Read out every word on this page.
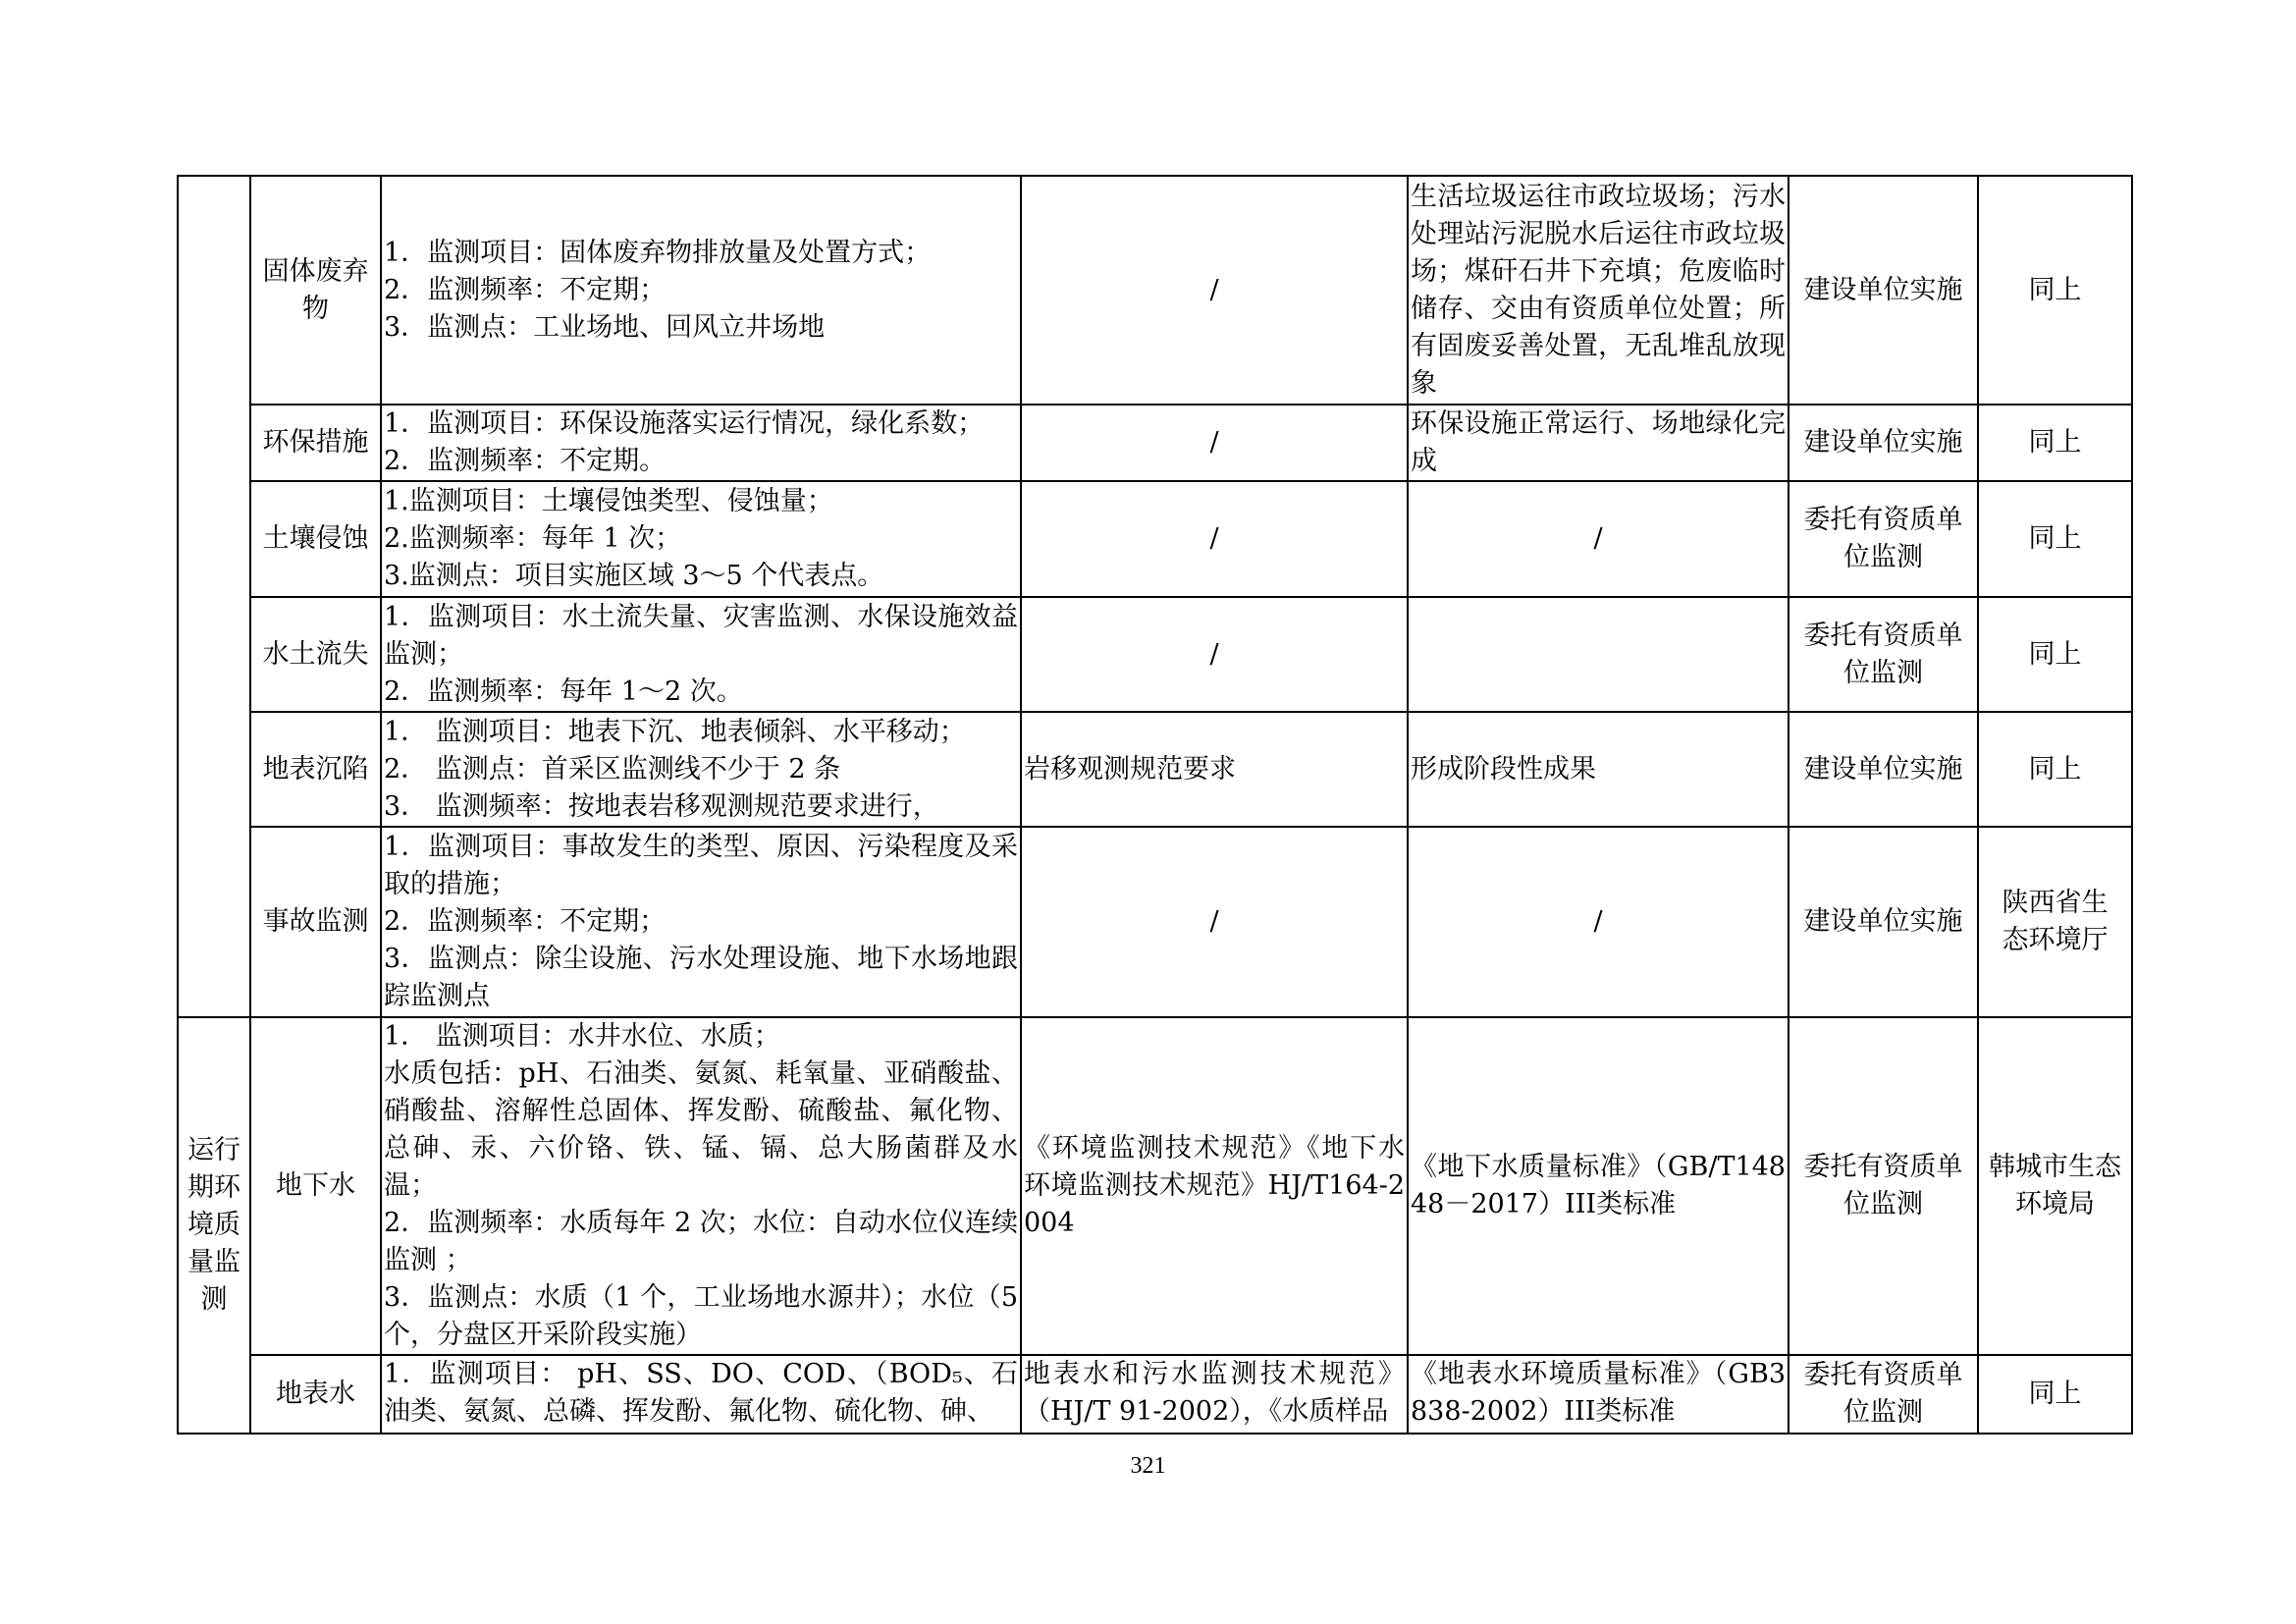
	固体废弃物	1．监测项目：固体废弃物排放量及处置方式；
2．监测频率：不定期；
3．监测点：工业场地、回风立井场地	/	生活垃圾运往市政垃圾场；污水处理站污泥脱水后运往市政垃圾场；煤矸石井下充填；危废临时储存、交由有资质单位处置；所有固废妥善处置，无乱堆乱放现象	建设单位实施	同上
	环保措施	1．监测项目：环保设施落实运行情况，绿化系数；
2．监测频率：不定期。	/	环保设施正常运行、场地绿化完成	建设单位实施	同上
	土壤侵蚀	1.监测项目：土壤侵蚀类型、侵蚀量；
2.监测频率：每年 1 次；
3.监测点：项目实施区域 3～5 个代表点。	/	/	委托有资质单位监测	同上
	水土流失	1．监测项目：水土流失量、灾害监测、水保设施效益监测；
2．监测频率：每年 1～2 次。	/		委托有资质单位监测	同上
	地表沉陷	1． 监测项目：地表下沉、地表倾斜、水平移动；
2． 监测点：首采区监测线不少于 2 条
3． 监测频率：按地表岩移观测规范要求进行，	岩移观测规范要求	形成阶段性成果	建设单位实施	同上
	事故监测	1．监测项目：事故发生的类型、原因、污染程度及采取的措施；
2．监测频率：不定期；
3．监测点：除尘设施、污水处理设施、地下水场地跟踪监测点	/	/	建设单位实施	陕西省生态环境厅
运行期环境质量监测	地下水	1． 监测项目：水井水位、水质；
水质包括：pH、石油类、氨氮、耗氧量、亚硝酸盐、硝酸盐、溶解性总固体、挥发酚、硫酸盐、氟化物、总砷、汞、六价铬、铁、锰、镉、总大肠菌群及水温；
2．监测频率：水质每年 2 次；水位：自动水位仪连续监测 ；
3．监测点：水质（1 个，工业场地水源井）；水位（5 个，分盘区开采阶段实施）	《环境监测技术规范》《地下水环境监测技术规范》HJ/T164-2004	《地下水质量标准》（GB/T14848－2017）III类标准	委托有资质单位监测	韩城市生态环境局
	地表水	1．监测项目： pH、SS、DO、COD、（BOD₅、石油类、氨氮、总磷、挥发酚、氟化物、硫化物、砷、	地表水和污水监测技术规范》（HJ/T 91-2002），《水质样品	《地表水环境质量标准》（GB3838-2002）III类标准	委托有资质单位监测	同上
321
